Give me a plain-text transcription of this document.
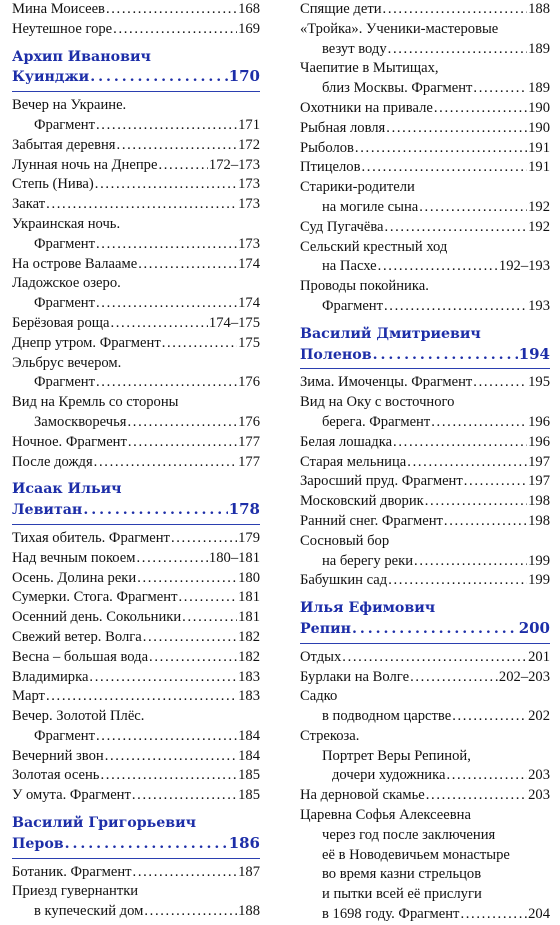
Мина Моисеев . . .	168
Неутешное горе . . .	169
Архип Иванович
Куинджи . . .	170
Вечер на Украине.
Фрагмент . . .	171
Забытая деревня . . .	172
Лунная ночь на Днепре . . .	172–173
Степь (Нива) . . .	173
Закат . . .	173
Украинская ночь.
Фрагмент . . .	173
На острове Валааме . . .	174
Ладожское озеро.
Фрагмент . . .	174
Берёзовая роща . . .	174–175
Днепр утром. Фрагмент . . .	175
Эльбрус вечером.
Фрагмент . . .	176
Вид на Кремль со стороны
Замоскворечья . . .	176
Ночное. Фрагмент . . .	177
После дождя . . .	177
Исаак Ильич
Левитан . . .	178
Тихая обитель. Фрагмент . . .	179
Над вечным покоем . . .	180–181
Осень. Долина реки . . .	180
Сумерки. Стога. Фрагмент . . .	181
Осенний день. Сокольники . . .	181
Свежий ветер. Волга . . .	182
Весна – большая вода . . .	182
Владимирка . . .	183
Март . . .	183
Вечер. Золотой Плёс.
Фрагмент . . .	184
Вечерний звон . . .	184
Золотая осень . . .	185
У омута. Фрагмент . . .	185
Василий Григорьевич
Перов . . .	186
Ботаник. Фрагмент . . .	187
Приезд гувернантки
в купеческий дом . . .	188
Спящие дети . . .	188
«Тройка». Ученики-мастеровые
везут воду . . .	189
Чаепитие в Мытищах,
близ Москвы. Фрагмент . . .	189
Охотники на привале . . .	190
Рыбная ловля . . .	190
Рыболов . . .	191
Птицелов . . .	191
Старики-родители
на могиле сына . . .	192
Суд Пугачёва . . .	192
Сельский крестный ход
на Пасхе . . .	192–193
Проводы покойника.
Фрагмент . . .	193
Василий Дмитриевич
Поленов . . .	194
Зима. Имоченцы. Фрагмент . . .	195
Вид на Оку с восточного
берега. Фрагмент . . .	196
Белая лошадка . . .	196
Старая мельница . . .	197
Заросший пруд. Фрагмент . . .	197
Московский дворик . . .	198
Ранний снег. Фрагмент . . .	198
Сосновый бор
на берегу реки . . .	199
Бабушкин сад . . .	199
Илья Ефимович
Репин . . .	200
Отдых . . .	201
Бурлаки на Волге . . .	202–203
Садко
в подводном царстве . . .	202
Стрекоза.
Портрет Веры Репиной,
дочери художника . . .	203
На дерновой скамье . . .	203
Царевна Софья Алексеевна
через год после заключения
её в Новодевичьем монастыре
во время казни стрельцов
и пытки всей её прислуги
в 1698 году. Фрагмент . . .	204
